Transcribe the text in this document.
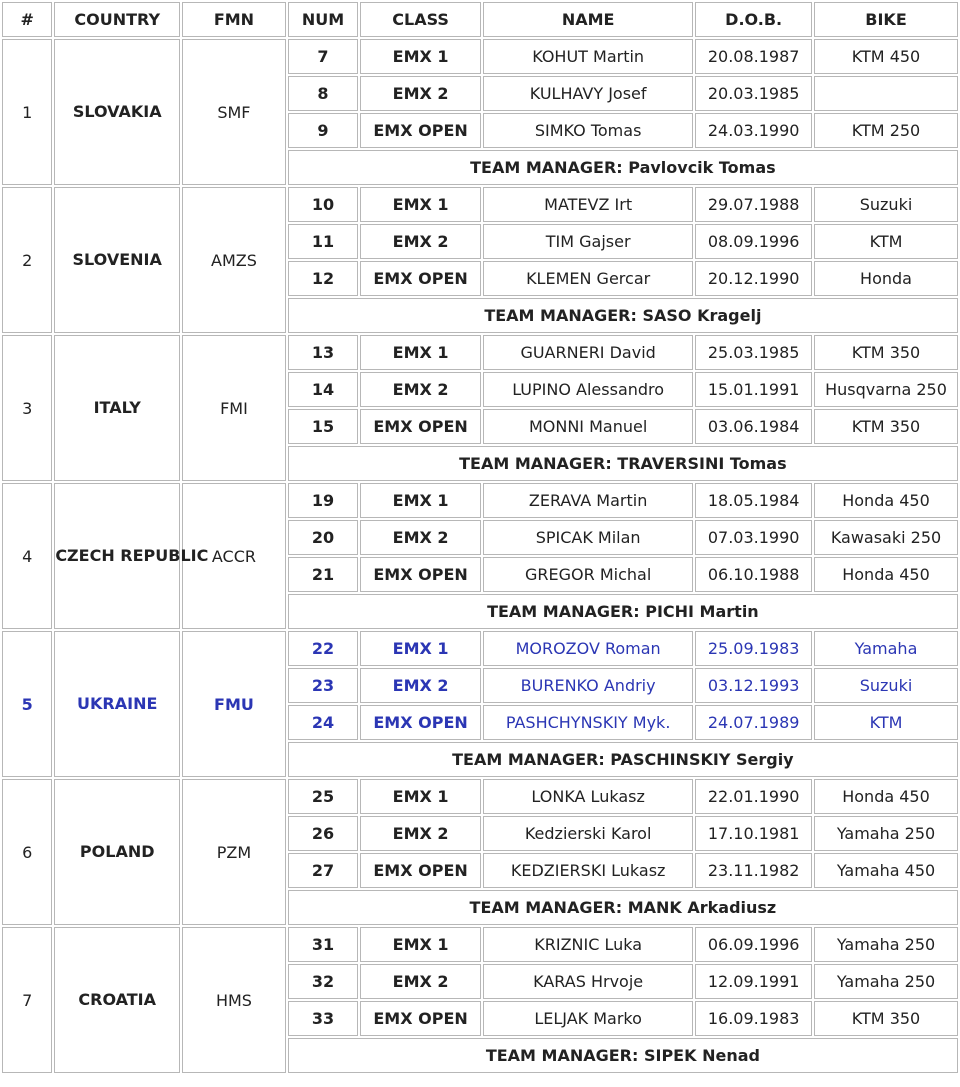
#	COUNTRY	FMN	NUM	CLASS	NAME	D.O.B.	BIKE
1	SLOVAKIA	SMF	7	EMX 1	KOHUT Martin	20.08.1987	KTM 450
			8	EMX 2	KULHAVY Josef	20.03.1985	
			9	EMX OPEN	SIMKO Tomas	24.03.1990	KTM 250
			TEAM MANAGER: Pavlovcik Tomas				
2	SLOVENIA	AMZS	10	EMX 1	MATEVZ Irt	29.07.1988	Suzuki
			11	EMX 2	TIM Gajser	08.09.1996	KTM
			12	EMX OPEN	KLEMEN Gercar	20.12.1990	Honda
			TEAM MANAGER: SASO Kragelj				
3	ITALY	FMI	13	EMX 1	GUARNERI David	25.03.1985	KTM 350
			14	EMX 2	LUPINO Alessandro	15.01.1991	Husqvarna 250
			15	EMX OPEN	MONNI Manuel	03.06.1984	KTM 350
			TEAM MANAGER: TRAVERSINI Tomas				
4	CZECH REPUBLIC	ACCR	19	EMX 1	ZERAVA Martin	18.05.1984	Honda 450
			20	EMX 2	SPICAK Milan	07.03.1990	Kawasaki 250
			21	EMX OPEN	GREGOR Michal	06.10.1988	Honda 450
			TEAM MANAGER: PICHI Martin				
5	UKRAINE	FMU	22	EMX 1	MOROZOV Roman	25.09.1983	Yamaha
			23	EMX 2	BURENKO Andriy	03.12.1993	Suzuki
			24	EMX OPEN	PASHCHYNSKIY Myk.	24.07.1989	KTM
			TEAM MANAGER: PASCHINSKIY Sergiy				
6	POLAND	PZM	25	EMX 1	LONKA Lukasz	22.01.1990	Honda 450
			26	EMX 2	Kedzierski Karol	17.10.1981	Yamaha 250
			27	EMX OPEN	KEDZIERSKI Lukasz	23.11.1982	Yamaha 450
			TEAM MANAGER: MANK Arkadiusz				
7	CROATIA	HMS	31	EMX 1	KRIZNIC Luka	06.09.1996	Yamaha 250
			32	EMX 2	KARAS Hrvoje	12.09.1991	Yamaha 250
			33	EMX OPEN	LELJAK Marko	16.09.1983	KTM 350
			TEAM MANAGER: SIPEK Nenad				
